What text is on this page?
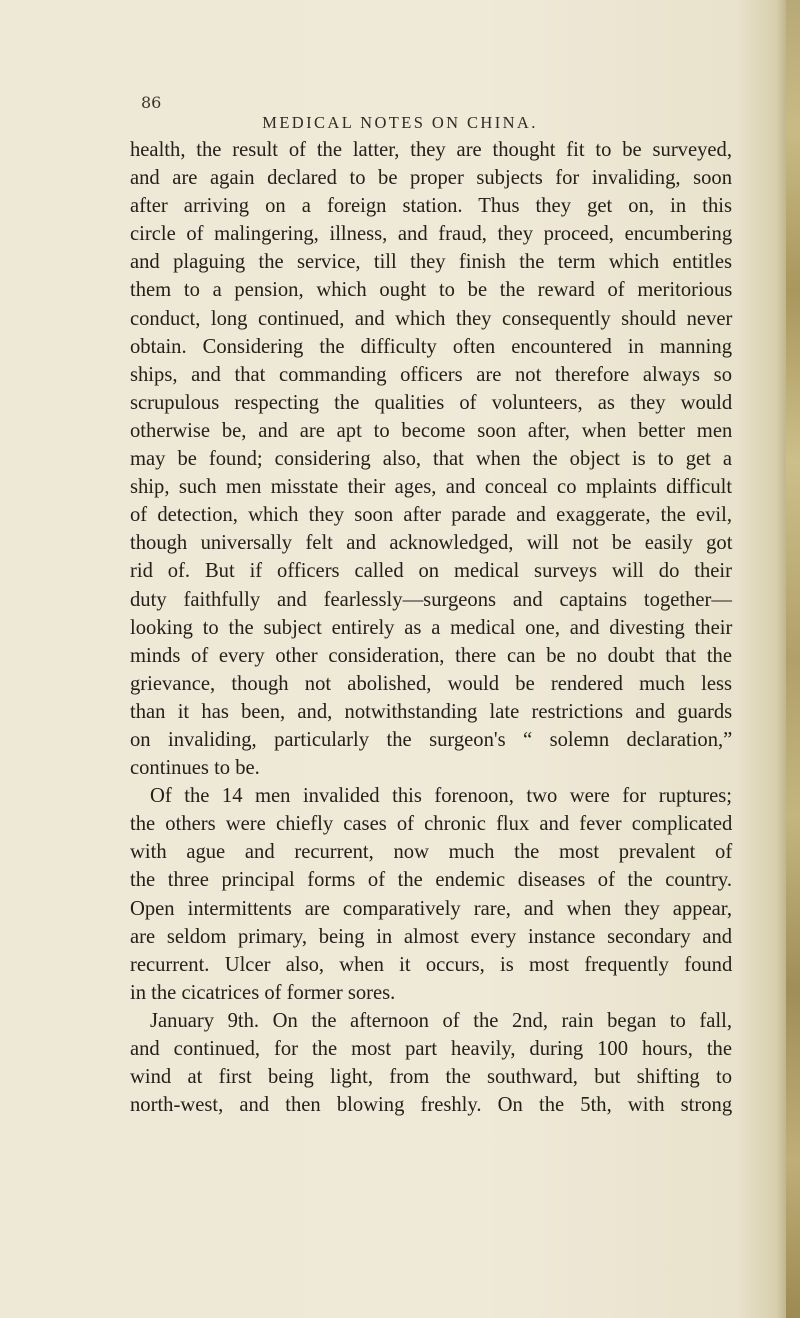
86
MEDICAL NOTES ON CHINA.

health, the result of the latter, they are thought fit to be surveyed,
and are again declared to be proper subjects for invaliding, soon
after arriving on a foreign station. Thus they get on, in this
circle of malingering, illness, and fraud, they proceed, encumbering
and plaguing the service, till they finish the term which entitles
them to a pension, which ought to be the reward of meritorious
conduct, long continued, and which they consequently should never
obtain. Considering the difficulty often encountered in manning
ships, and that commanding officers are not therefore always so
scrupulous respecting the qualities of volunteers, as they would
otherwise be, and are apt to become soon after, when better men
may be found; considering also, that when the object is to get a
ship, such men misstate their ages, and conceal co mplaints difficult
of detection, which they soon after parade and exaggerate, the evil,
though universally felt and acknowledged, will not be easily got
rid of. But if officers called on medical surveys will do their
duty faithfully and fearlessly—surgeons and captains together—
looking to the subject entirely as a medical one, and divesting their
minds of every other consideration, there can be no doubt that the
grievance, though not abolished, would be rendered much less
than it has been, and, notwithstanding late restrictions and guards
on invaliding, particularly the surgeon's “ solemn declaration,”
continues to be.

Of the 14 men invalided this forenoon, two were for ruptures;
the others were chiefly cases of chronic flux and fever complicated
with ague and recurrent, now much the most prevalent of
the three principal forms of the endemic diseases of the country.
Open intermittents are comparatively rare, and when they appear,
are seldom primary, being in almost every instance secondary and
recurrent. Ulcer also, when it occurs, is most frequently found
in the cicatrices of former sores.

January 9th. On the afternoon of the 2nd, rain began to fall,
and continued, for the most part heavily, during 100 hours, the
wind at first being light, from the southward, but shifting to
north-west, and then blowing freshly. On the 5th, with strong
